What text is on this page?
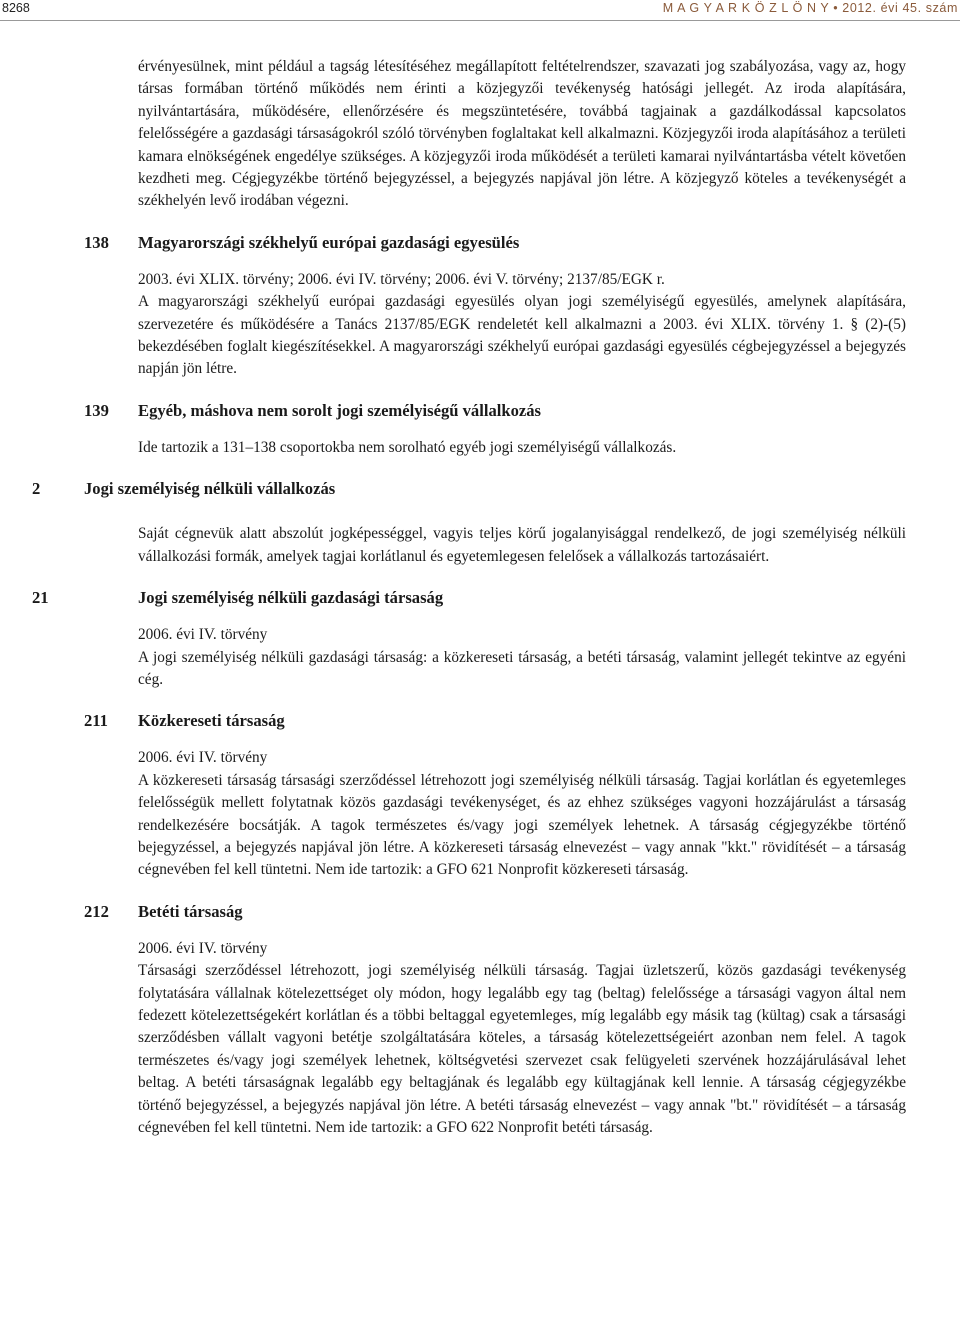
8268	M A G Y A R K Ö Z L Ö N Y • 2012. évi 45. szám

érvényesülnek, mint például a tagság létesítéséhez megállapított feltételrendszer, szavazati jog szabályozása, vagy az, hogy társas formában történő működés nem érinti a közjegyzői tevékenység hatósági jellegét. Az iroda alapítására, nyilvántartására, működésére, ellenőrzésére és megszüntetésére, továbbá tagjainak a gazdálkodással kapcsolatos felelősségére a gazdasági társaságokról szóló törvényben foglaltakat kell alkalmazni. Közjegyzői iroda alapításához a területi kamara elnökségének engedélye szükséges. A közjegyzői iroda működését a területi kamarai nyilvántartásba vételt követően kezdheti meg. Cégjegyzékbe történő bejegyzéssel, a bejegyzés napjával jön létre. A közjegyző köteles a tevékenységét a székhelyén levő irodában végezni.

138 Magyarországi székhelyű európai gazdasági egyesülés

2003. évi XLIX. törvény; 2006. évi IV. törvény; 2006. évi V. törvény; 2137/85/EGK r.

A magyarországi székhelyű európai gazdasági egyesülés olyan jogi személyiségű egyesülés, amelynek alapítására, szervezetére és működésére a Tanács 2137/85/EGK rendeletét kell alkalmazni a 2003. évi XLIX. törvény 1. § (2)-(5) bekezdésében foglalt kiegészítésekkel. A magyarországi székhelyű európai gazdasági egyesülés cégbejegyzéssel a bejegyzés napján jön létre.

139 Egyéb, máshova nem sorolt jogi személyiségű vállalkozás

Ide tartozik a 131–138 csoportokba nem sorolható egyéb jogi személyiségű vállalkozás.

2	Jogi személyiség nélküli vállalkozás

Saját cégnevük alatt abszolút jogképességgel, vagyis teljes körű jogalanyisággal rendelkező, de jogi személyiség nélküli vállalkozási formák, amelyek tagjai korlátlanul és egyetemlegesen felelősek a vállalkozás tartozásaiért.

21	Jogi személyiség nélküli gazdasági társaság

2006. évi IV. törvény

A jogi személyiség nélküli gazdasági társaság: a közkereseti társaság, a betéti társaság, valamint jellegét tekintve az egyéni cég.

211 Közkereseti társaság

2006. évi IV. törvény

A közkereseti társaság társasági szerződéssel létrehozott jogi személyiség nélküli társaság. Tagjai korlátlan és egyetemleges felelősségük mellett folytatnak közös gazdasági tevékenységet, és az ehhez szükséges vagyoni hozzájárulást a társaság rendelkezésére bocsátják. A tagok természetes és/vagy jogi személyek lehetnek. A társaság cégjegyzékbe történő bejegyzéssel, a bejegyzés napjával jön létre. A közkereseti társaság elnevezést – vagy annak "kkt." rövidítését – a társaság cégnevében fel kell tüntetni. Nem ide tartozik: a GFO 621 Nonprofit közkereseti társaság.

212 Betéti társaság

2006. évi IV. törvény

Társasági szerződéssel létrehozott, jogi személyiség nélküli társaság. Tagjai üzletszerű, közös gazdasági tevékenység folytatására vállalnak kötelezettséget oly módon, hogy legalább egy tag (beltag) felelőssége a társasági vagyon által nem fedezett kötelezettségekért korlátlan és a többi beltaggal egyetemleges, míg legalább egy másik tag (kültag) csak a társasági szerződésben vállalt vagyoni betétje szolgáltatására köteles, a társaság kötelezettségeiért azonban nem felel. A tagok természetes és/vagy jogi személyek lehetnek, költségvetési szervezet csak felügyeleti szervének hozzájárulásával lehet beltag. A betéti társaságnak legalább egy beltagjának és legalább egy kültagjának kell lennie. A társaság cégjegyzékbe történő bejegyzéssel, a bejegyzés napjával jön létre. A betéti társaság elnevezést – vagy annak "bt." rövidítését – a társaság cégnevében fel kell tüntetni. Nem ide tartozik: a GFO 622 Nonprofit betéti társaság.
